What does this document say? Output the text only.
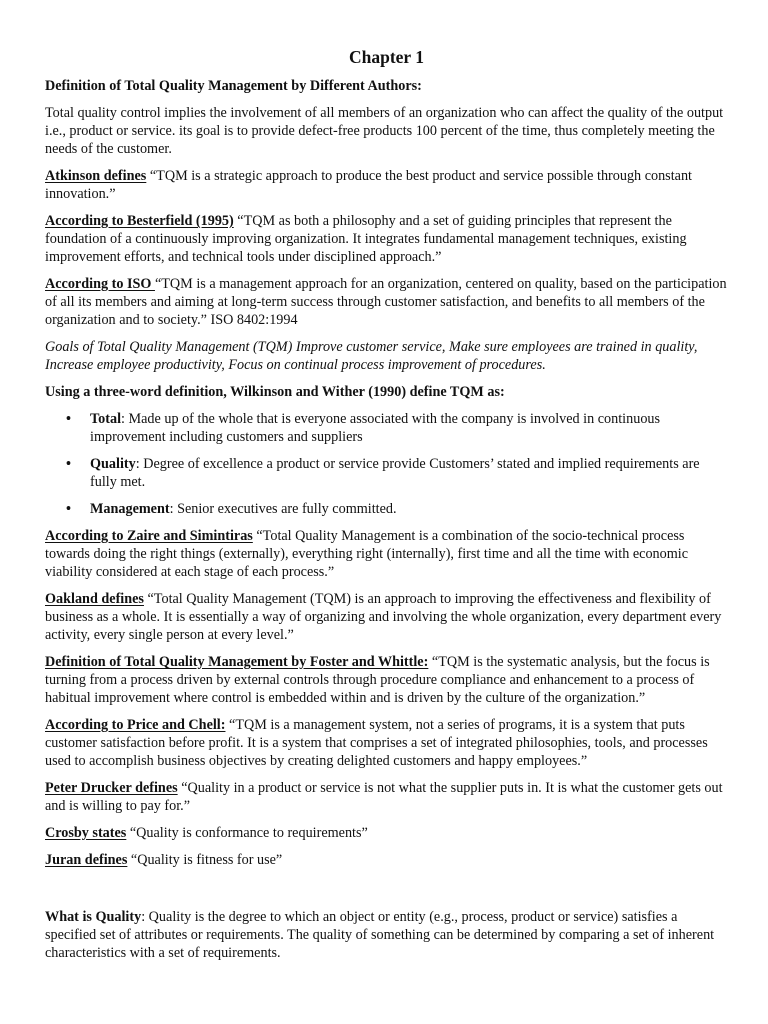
Chapter 1
Definition of Total Quality Management by Different Authors:

Total quality control implies the involvement of all members of an organization who can affect the quality of the output i.e., product or service. its goal is to provide defect-free products 100 percent of the time, thus completely meeting the needs of the customer.

Atkinson defines “TQM is a strategic approach to produce the best product and service possible through constant innovation.”

According to Besterfield (1995) “TQM as both a philosophy and a set of guiding principles that represent the foundation of a continuously improving organization. It integrates fundamental management techniques, existing improvement efforts, and technical tools under disciplined approach.”

According to ISO “TQM is a management approach for an organization, centered on quality, based on the participation of all its members and aiming at long-term success through customer satisfaction, and benefits to all members of the organization and to society.” ISO 8402:1994

Goals of Total Quality Management (TQM) Improve customer service, Make sure employees are trained in quality, Increase employee productivity, Focus on continual process improvement of procedures.

Using a three-word definition, Wilkinson and Wither (1990) define TQM as:
• Total: Made up of the whole that is everyone associated with the company is involved in continuous improvement including customers and suppliers
• Quality: Degree of excellence a product or service provide Customers’ stated and implied requirements are fully met.
• Management: Senior executives are fully committed.

According to Zaire and Simintiras “Total Quality Management is a combination of the socio-technical process towards doing the right things (externally), everything right (internally), first time and all the time with economic viability considered at each stage of each process.”

Oakland defines “Total Quality Management (TQM) is an approach to improving the effectiveness and flexibility of business as a whole. It is essentially a way of organizing and involving the whole organization, every department every activity, every single person at every level.”

Definition of Total Quality Management by Foster and Whittle: “TQM is the systematic analysis, but the focus is turning from a process driven by external controls through procedure compliance and enhancement to a process of habitual improvement where control is embedded within and is driven by the culture of the organization.”

According to Price and Chell: “TQM is a management system, not a series of programs, it is a system that puts customer satisfaction before profit. It is a system that comprises a set of integrated philosophies, tools, and processes used to accomplish business objectives by creating delighted customers and happy employees.”

Peter Drucker defines “Quality in a product or service is not what the supplier puts in. It is what the customer gets out and is willing to pay for.”

Crosby states “Quality is conformance to requirements”

Juran defines “Quality is fitness for use”

What is Quality: Quality is the degree to which an object or entity (e.g., process, product or service) satisfies a specified set of attributes or requirements. The quality of something can be determined by comparing a set of inherent characteristics with a set of requirements.
